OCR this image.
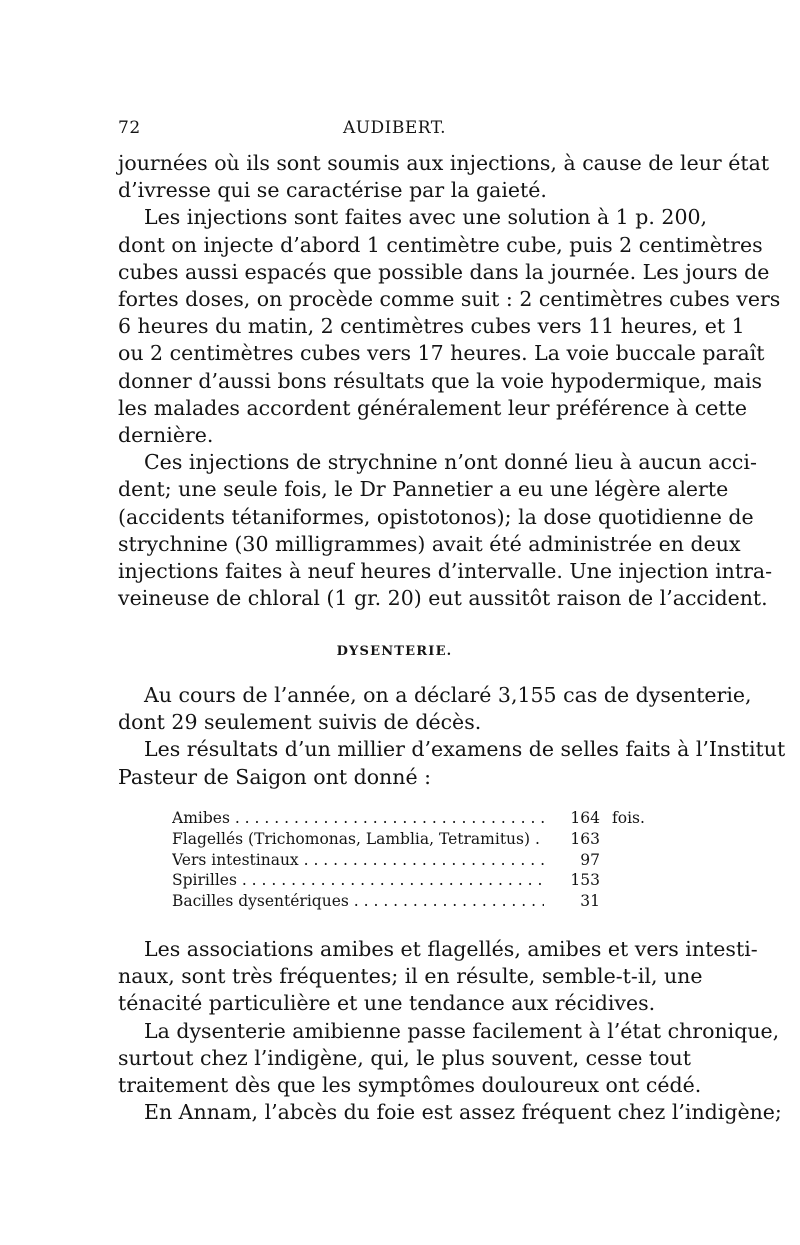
72	AUDIBERT.
journées où ils sont soumis aux injections, à cause de leur état
d’ivresse qui se caractérise par la gaieté.
Les injections sont faites avec une solution à 1 p. 200,
dont on injecte d’abord 1 centimètre cube, puis 2 centimètres
cubes aussi espacés que possible dans la journée. Les jours de
fortes doses, on procède comme suit : 2 centimètres cubes vers
6 heures du matin, 2 centimètres cubes vers 11 heures, et 1
ou 2 centimètres cubes vers 17 heures. La voie buccale paraît
donner d’aussi bons résultats que la voie hypodermique, mais
les malades accordent généralement leur préférence à cette
dernière.
Ces injections de strychnine n’ont donné lieu à aucun acci-
dent; une seule fois, le Dr Pannetier a eu une légère alerte
(accidents tétaniformes, opistotonos); la dose quotidienne de
strychnine (30 milligrammes) avait été administrée en deux
injections faites à neuf heures d’intervalle. Une injection intra-
veineuse de chloral (1 gr. 20) eut aussitôt raison de l’accident.
DYSENTERIE.
Au cours de l’année, on a déclaré 3,155 cas de dysenterie,
dont 29 seulement suivis de décès.
Les résultats d’un millier d’examens de selles faits à l’Institut
Pasteur de Saigon ont donné :
Amibes . . .	164 fois.
Flagellés (Trichomonas, Lamblia, Tetramitus) . . .	163
Vers intestinaux . . .	97
Spirilles . . .	153
Bacilles dysentériques . . .	31
Les associations amibes et flagellés, amibes et vers intesti-
naux, sont très fréquentes; il en résulte, semble-t-il, une
ténacité particulière et une tendance aux récidives.
La dysenterie amibienne passe facilement à l’état chronique,
surtout chez l’indigène, qui, le plus souvent, cesse tout
traitement dès que les symptômes douloureux ont cédé.
En Annam, l’abcès du foie est assez fréquent chez l’indigène;
